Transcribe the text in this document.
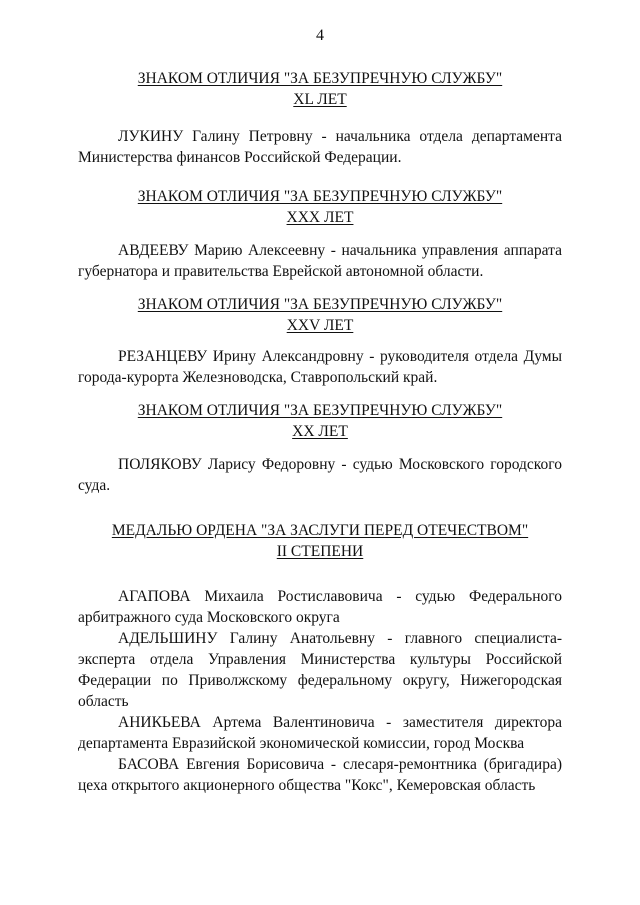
4
ЗНАКОМ ОТЛИЧИЯ "ЗА БЕЗУПРЕЧНУЮ СЛУЖБУ"
XL ЛЕТ

ЛУКИНУ Галину Петровну - начальника отдела департамента Министерства финансов Российской Федерации.

ЗНАКОМ ОТЛИЧИЯ "ЗА БЕЗУПРЕЧНУЮ СЛУЖБУ"
XXX ЛЕТ

АВДЕЕВУ Марию Алексеевну - начальника управления аппарата губернатора и правительства Еврейской автономной области.

ЗНАКОМ ОТЛИЧИЯ "ЗА БЕЗУПРЕЧНУЮ СЛУЖБУ"
XXV ЛЕТ

РЕЗАНЦЕВУ Ирину Александровну - руководителя отдела Думы города-курорта Железноводска, Ставропольский край.

ЗНАКОМ ОТЛИЧИЯ "ЗА БЕЗУПРЕЧНУЮ СЛУЖБУ"
XX ЛЕТ

ПОЛЯКОВУ Ларису Федоровну - судью Московского городского суда.

МЕДАЛЬЮ ОРДЕНА "ЗА ЗАСЛУГИ ПЕРЕД ОТЕЧЕСТВОМ"
II СТЕПЕНИ

АГАПОВА Михаила Ростиславовича - судью Федерального арбитражного суда Московского округа

АДЕЛЬШИНУ Галину Анатольевну - главного специалиста-эксперта отдела Управления Министерства культуры Российской Федерации по Приволжскому федеральному округу, Нижегородская область

АНИКЬЕВА Артема Валентиновича - заместителя директора департамента Евразийской экономической комиссии, город Москва

БАСОВА Евгения Борисовича - слесаря-ремонтника (бригадира) цеха открытого акционерного общества "Кокс", Кемеровская область
